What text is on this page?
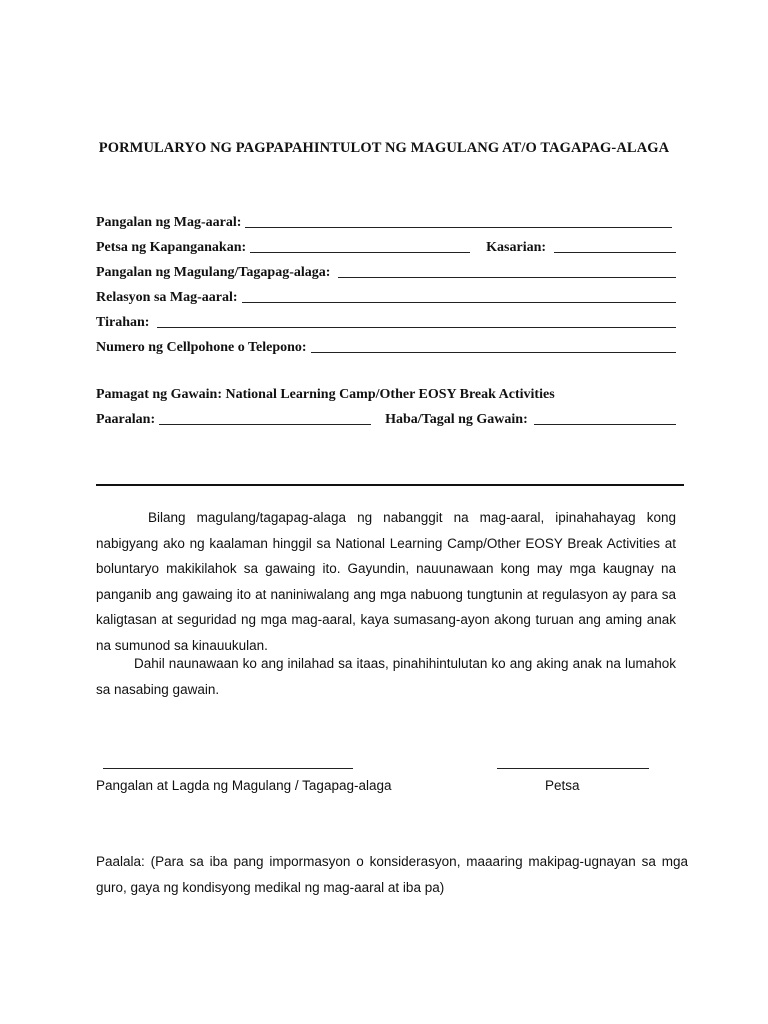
PORMULARYO NG PAGPAPAHINTULOT NG MAGULANG AT/O TAGAPAG-ALAGA
Pangalan ng Mag-aaral:
Petsa ng Kapanganakan:	Kasarian:
Pangalan ng Magulang/Tagapag-alaga:
Relasyon sa Mag-aaral:
Tirahan:
Numero ng Cellpohone o Telepono:
Pamagat ng Gawain: National Learning Camp/Other EOSY Break Activities
Paaralan:	Haba/Tagal ng Gawain:
Bilang magulang/tagapag-alaga ng nabanggit na mag-aaral, ipinahahayag kong nabigyang ako ng kaalaman hinggil sa National Learning Camp/Other EOSY Break Activities at boluntaryo makikilahok sa gawaing ito. Gayundin, nauunawaan kong may mga kaugnay na panganib ang gawaing ito at naniniwalang ang mga nabuong tungtunin at regulasyon ay para sa kaligtasan at seguridad ng mga mag-aaral, kaya sumasang-ayon akong turuan ang aming anak na sumunod sa kinauukulan.
Dahil naunawaan ko ang inilahad sa itaas, pinahihintulutan ko ang aking anak na lumahok sa nasabing gawain.
Pangalan at Lagda ng Magulang / Tagapag-alaga	Petsa
Paalala: (Para sa iba pang impormasyon o konsiderasyon, maaaring makipag-ugnayan sa mga guro, gaya ng kondisyong medikal ng mag-aaral at iba pa)
